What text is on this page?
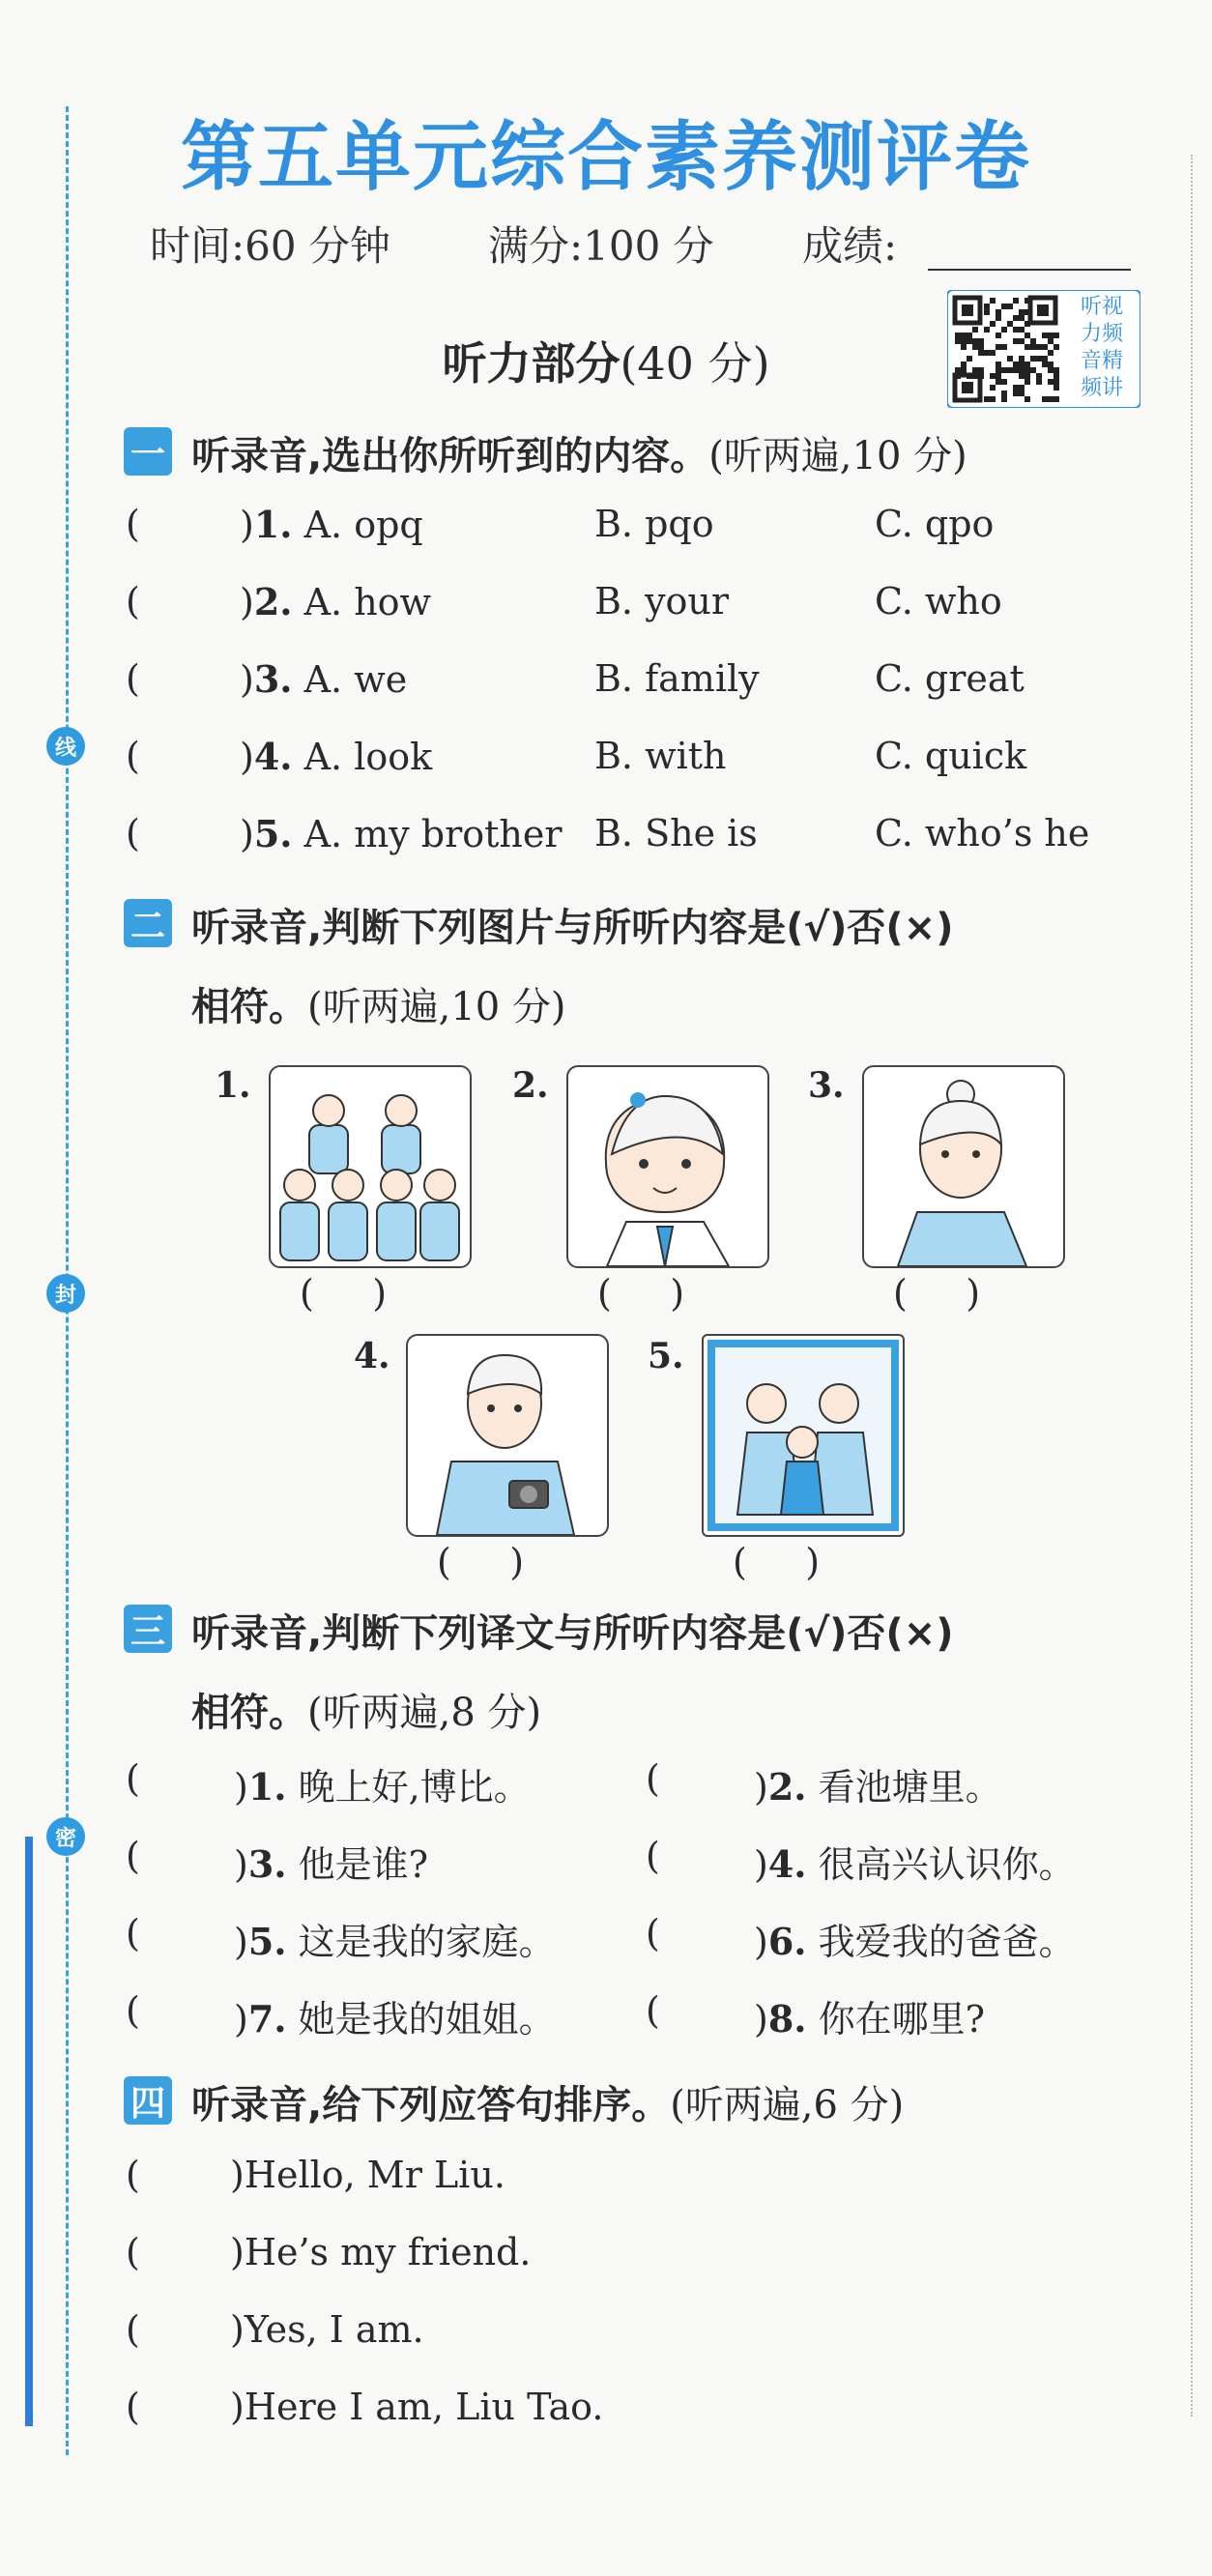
线
封
密
第五单元综合素养测评卷
时间:60 分钟 满分:100 分 成绩:
听视
力频
音精
频讲
听力部分(40 分)
一 听录音,选出你所听到的内容。(听两遍,10 分)
(	)1. A. opq	B. pqo	C. qpo
(	)2. A. how	B. your	C. who
(	)3. A. we	B. family	C. great
(	)4. A. look	B. with	C. quick
(	)5. A. my brother B. She is	C. who’s he
二 听录音,判断下列图片与所听内容是(√)否(×)
相符。(听两遍,10 分)
1.
(     )
2.
(     )
3.
(     )
4.
(     )
5.
(     )
三 听录音,判断下列译文与所听内容是(√)否(×)
相符。(听两遍,8 分)
(	)1. 晚上好,博比。	(	)2. 看池塘里。
(	)3. 他是谁?	(	)4. 很高兴认识你。
(	)5. 这是我的家庭。 (	)6. 我爱我的爸爸。
(	)7. 她是我的姐姐。 (	)8. 你在哪里?
四 听录音,给下列应答句排序。(听两遍,6 分)
( )Hello, Mr Liu.
( )He’s my friend.
( )Yes, I am.
( )Here I am, Liu Tao.
